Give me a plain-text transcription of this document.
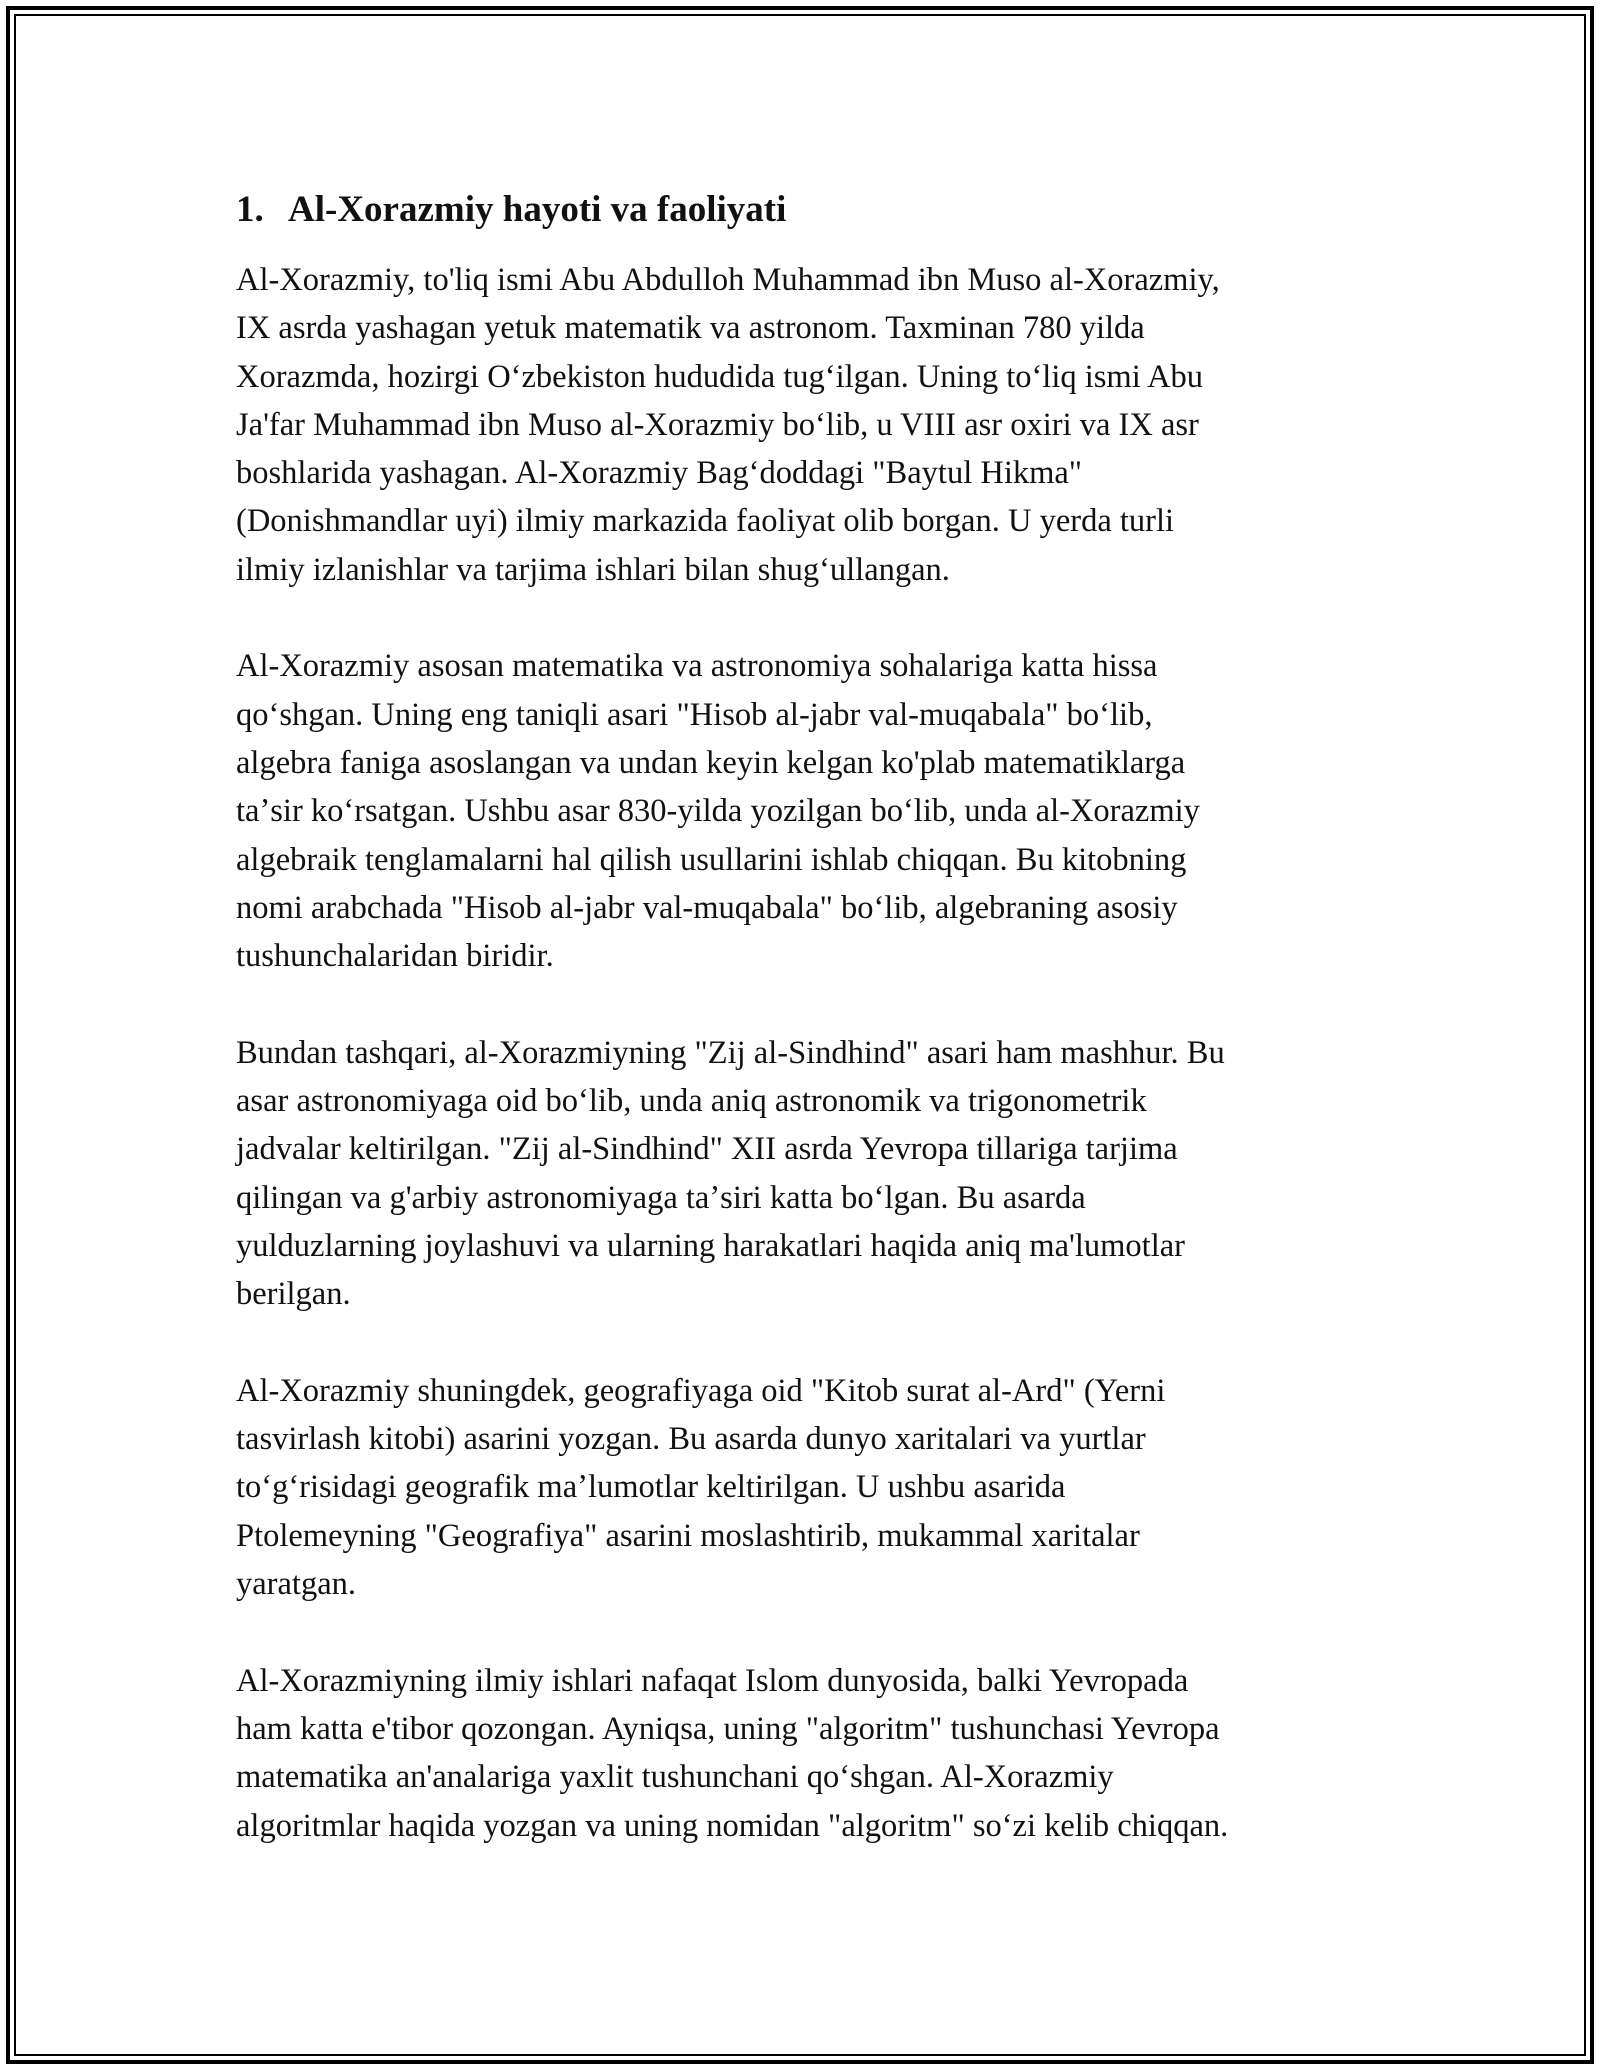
1. Al-Xorazmiy hayoti va faoliyati

Al-Xorazmiy, to'liq ismi Abu Abdulloh Muhammad ibn Muso al-Xorazmiy,
IX asrda yashagan yetuk matematik va astronom. Taxminan 780 yilda
Xorazmda, hozirgi Oʻzbekiston hududida tugʻilgan. Uning toʻliq ismi Abu
Ja'far Muhammad ibn Muso al-Xorazmiy boʻlib, u VIII asr oxiri va IX asr
boshlarida yashagan. Al-Xorazmiy Bagʻdoddagi "Baytul Hikma"
(Donishmandlar uyi) ilmiy markazida faoliyat olib borgan. U yerda turli
ilmiy izlanishlar va tarjima ishlari bilan shugʻullangan.

Al-Xorazmiy asosan matematika va astronomiya sohalariga katta hissa
qoʻshgan. Uning eng taniqli asari "Hisob al-jabr val-muqabala" boʻlib,
algebra faniga asoslangan va undan keyin kelgan ko'plab matematiklarga
taʼsir koʻrsatgan. Ushbu asar 830-yilda yozilgan boʻlib, unda al-Xorazmiy
algebraik tenglamalarni hal qilish usullarini ishlab chiqqan. Bu kitobning
nomi arabchada "Hisob al-jabr val-muqabala" boʻlib, algebraning asosiy
tushunchalaridan biridir.

Bundan tashqari, al-Xorazmiyning "Zij al-Sindhind" asari ham mashhur. Bu
asar astronomiyaga oid boʻlib, unda aniq astronomik va trigonometrik
jadvalar keltirilgan. "Zij al-Sindhind" XII asrda Yevropa tillariga tarjima
qilingan va g'arbiy astronomiyaga taʼsiri katta boʻlgan. Bu asarda
yulduzlarning joylashuvi va ularning harakatlari haqida aniq ma'lumotlar
berilgan.

Al-Xorazmiy shuningdek, geografiyaga oid "Kitob surat al-Ard" (Yerni
tasvirlash kitobi) asarini yozgan. Bu asarda dunyo xaritalari va yurtlar
toʻgʻrisidagi geografik maʼlumotlar keltirilgan. U ushbu asarida
Ptolemeyning "Geografiya" asarini moslashtirib, mukammal xaritalar
yaratgan.

Al-Xorazmiyning ilmiy ishlari nafaqat Islom dunyosida, balki Yevropada
ham katta e'tibor qozongan. Ayniqsa, uning "algoritm" tushunchasi Yevropa
matematika an'analariga yaxlit tushunchani qoʻshgan. Al-Xorazmiy
algoritmlar haqida yozgan va uning nomidan "algoritm" soʻzi kelib chiqqan.
